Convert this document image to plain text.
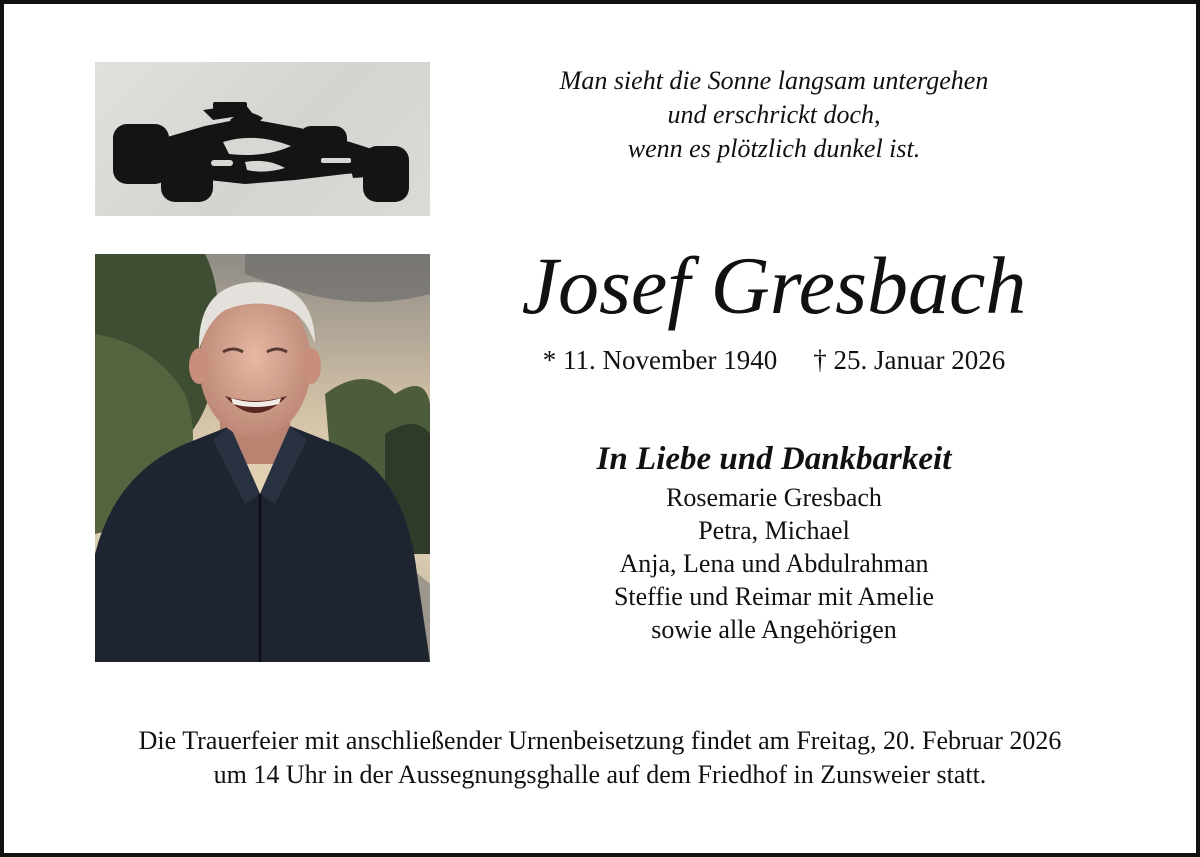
Man sieht die Sonne langsam untergehen
und erschrickt doch,
wenn es plötzlich dunkel ist.
Josef Gresbach
* 11. November 1940 † 25. Januar 2026
In Liebe und Dankbarkeit
Rosemarie Gresbach
Petra, Michael
Anja, Lena und Abdulrahman
Steffie und Reimar mit Amelie
sowie alle Angehörigen
Die Trauerfeier mit anschließender Urnenbeisetzung findet am Freitag, 20. Februar 2026
um 14 Uhr in der Aussegnungsghalle auf dem Friedhof in Zunsweier statt.
